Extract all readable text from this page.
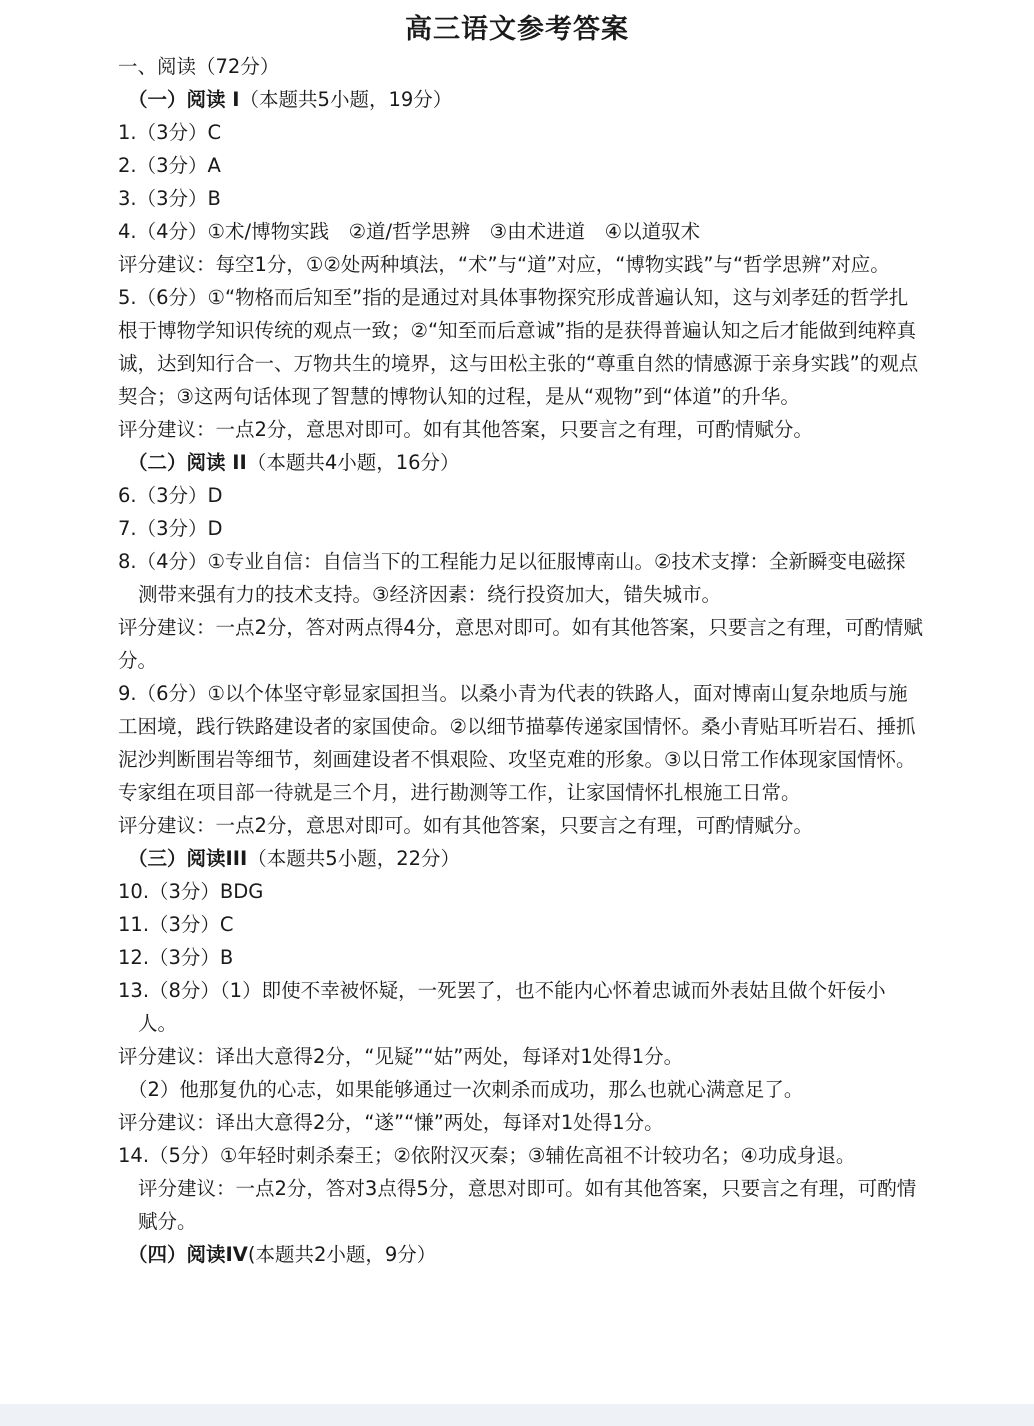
高三语文参考答案
一、阅读（72分）
（一）阅读 I（本题共5小题，19分）
1.（3分）C
2.（3分）A
3.（3分）B
4.（4分）①术/博物实践　②道/哲学思辨　③由术进道　④以道驭术
评分建议：每空1分，①②处两种填法，“术”与“道”对应，“博物实践”与“哲学思辨”对应。
5.（6分）①“物格而后知至”指的是通过对具体事物探究形成普遍认知，这与刘孝廷的哲学扎根于博物学知识传统的观点一致；②“知至而后意诚”指的是获得普遍认知之后才能做到纯粹真诚，达到知行合一、万物共生的境界，这与田松主张的“尊重自然的情感源于亲身实践”的观点契合；③这两句话体现了智慧的博物认知的过程，是从“观物”到“体道”的升华。
评分建议：一点2分，意思对即可。如有其他答案，只要言之有理，可酌情赋分。
（二）阅读 II（本题共4小题，16分）
6.（3分）D
7.（3分）D
8.（4分）①专业自信：自信当下的工程能力足以征服博南山。②技术支撑：全新瞬变电磁探测带来强有力的技术支持。③经济因素：绕行投资加大，错失城市。
评分建议：一点2分，答对两点得4分，意思对即可。如有其他答案，只要言之有理，可酌情赋分。
9.（6分）①以个体坚守彰显家国担当。以桑小青为代表的铁路人，面对博南山复杂地质与施工困境，践行铁路建设者的家国使命。②以细节描摹传递家国情怀。桑小青贴耳听岩石、捶抓泥沙判断围岩等细节，刻画建设者不惧艰险、攻坚克难的形象。③以日常工作体现家国情怀。专家组在项目部一待就是三个月，进行勘测等工作，让家国情怀扎根施工日常。
评分建议：一点2分，意思对即可。如有其他答案，只要言之有理，可酌情赋分。
（三）阅读III（本题共5小题，22分）
10.（3分）BDG
11.（3分）C
12.（3分）B
13.（8分）（1）即使不幸被怀疑，一死罢了，也不能内心怀着忠诚而外表姑且做个奸佞小人。
评分建议：译出大意得2分，“见疑”“姑”两处，每译对1处得1分。
（2）他那复仇的心志，如果能够通过一次刺杀而成功，那么也就心满意足了。
评分建议：译出大意得2分，“遂”“慊”两处，每译对1处得1分。
14.（5分）①年轻时刺杀秦王；②依附汉灭秦；③辅佐高祖不计较功名；④功成身退。
评分建议：一点2分，答对3点得5分，意思对即可。如有其他答案，只要言之有理，可酌情赋分。
（四）阅读IV(本题共2小题，9分）
